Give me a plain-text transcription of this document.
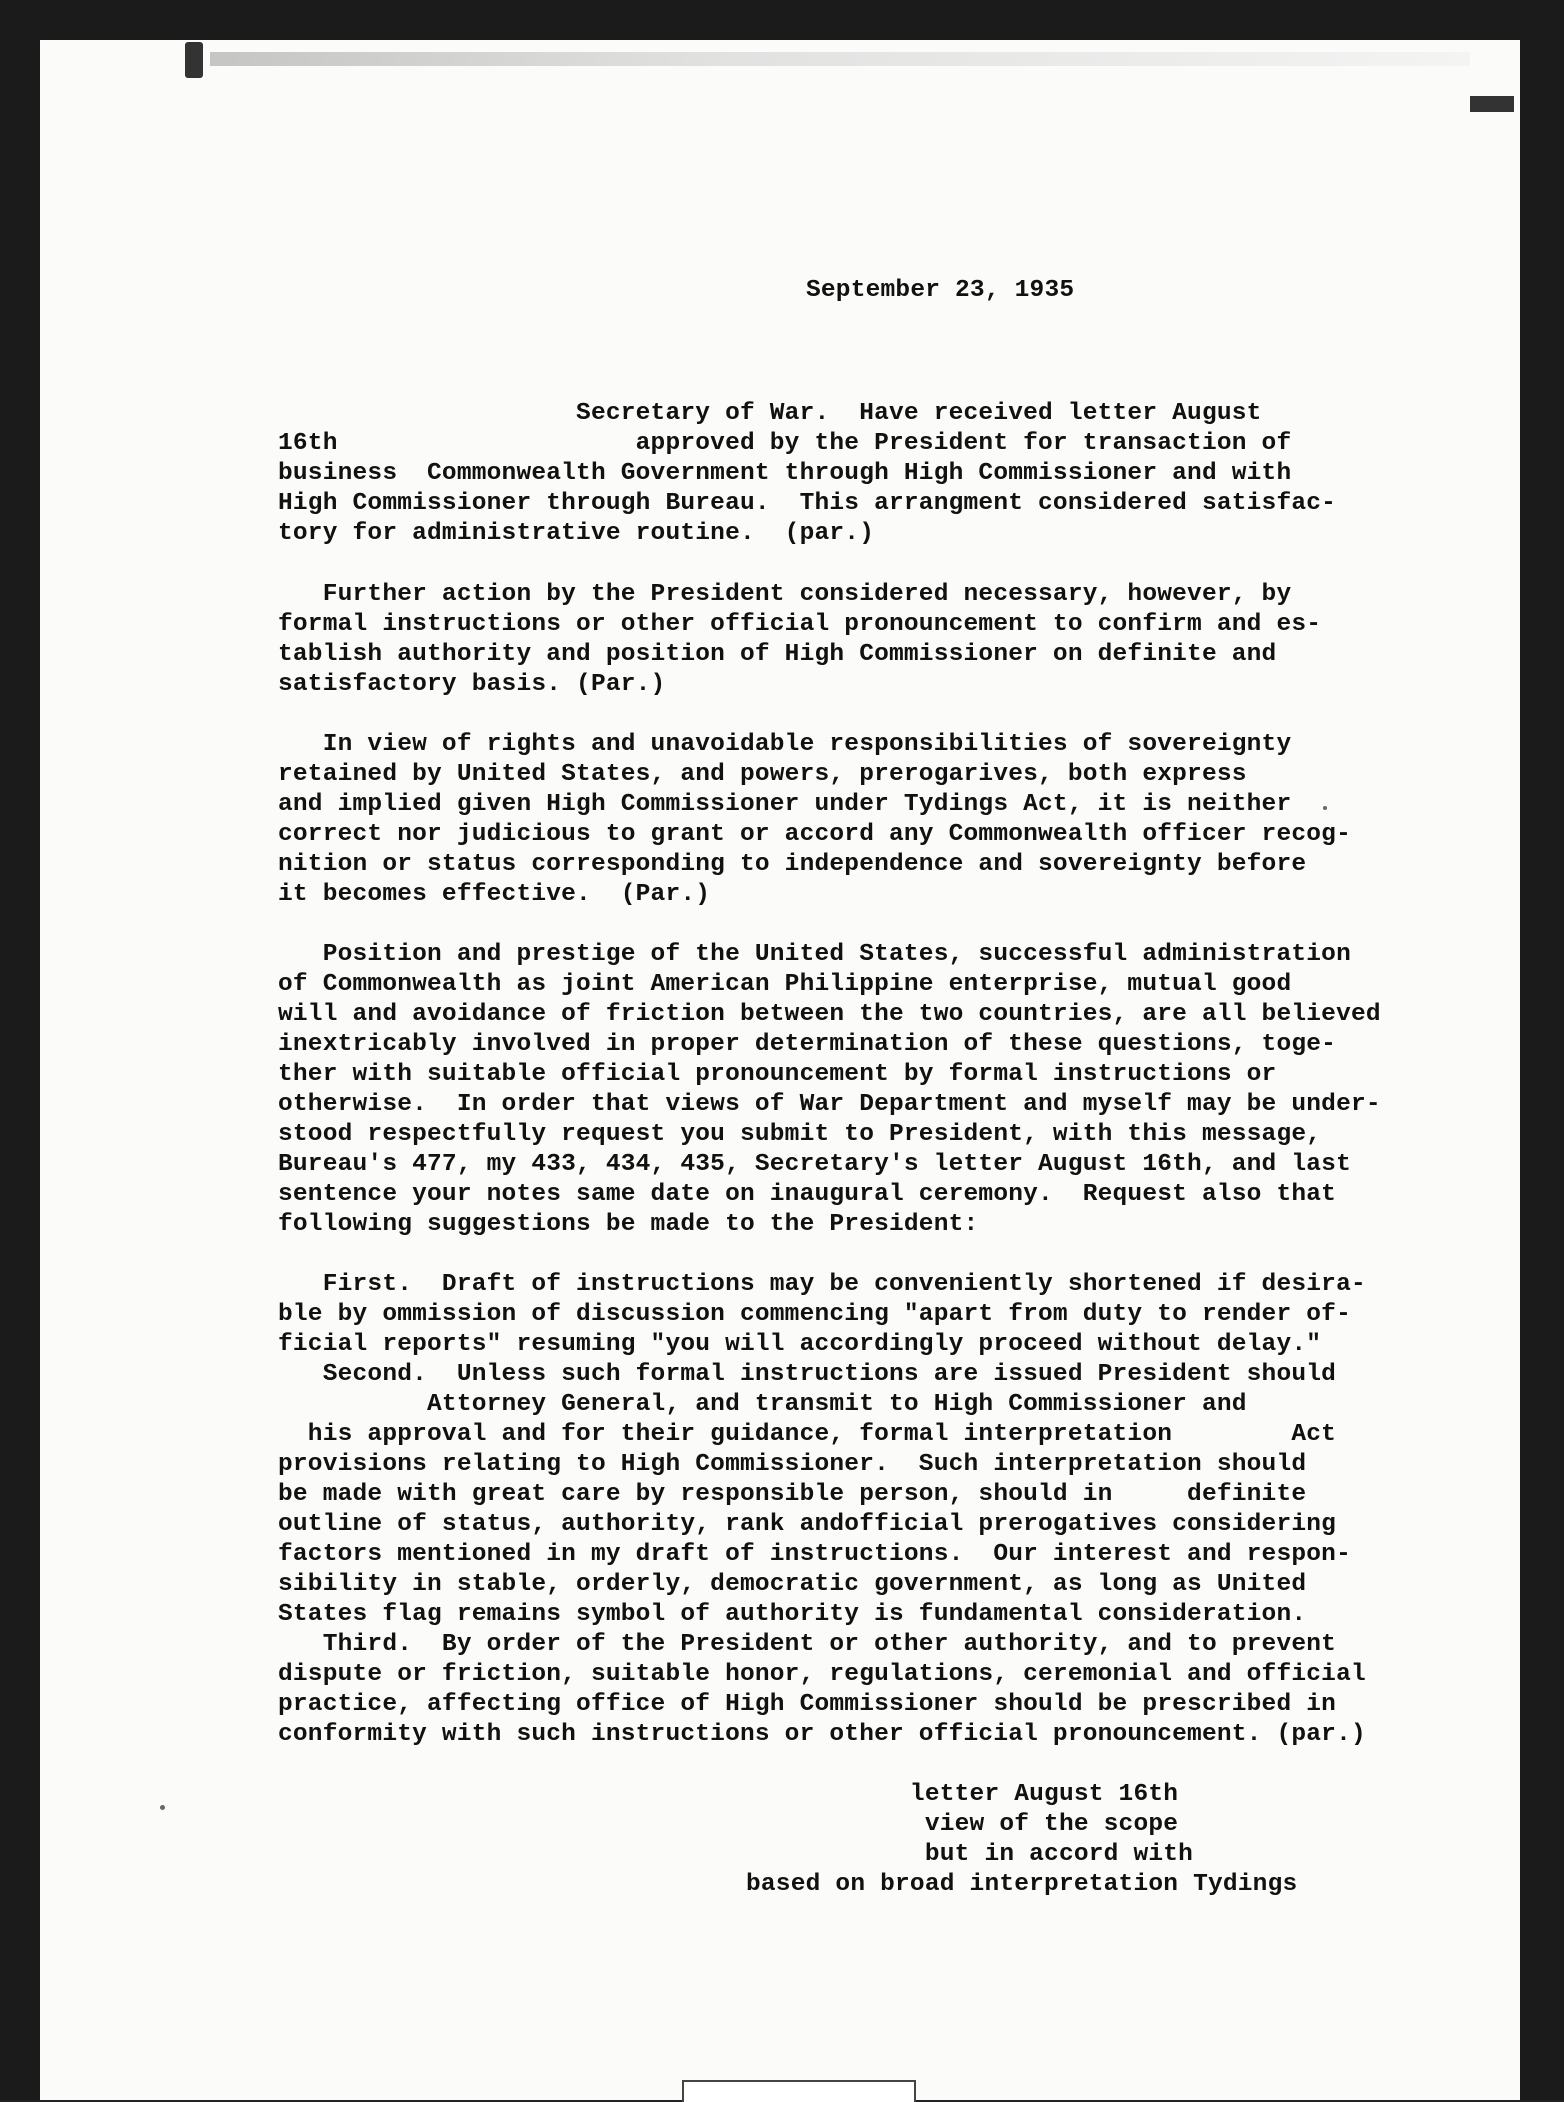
September 23, 1935
Secretary of War.  Have received letter August
16th                    approved by the President for transaction of
business  Commonwealth Government through High Commissioner and with
High Commissioner through Bureau.  This arrangment considered satisfac-
tory for administrative routine.  (par.)
Further action by the President considered necessary, however, by
formal instructions or other official pronouncement to confirm and es-
tablish authority and position of High Commissioner on definite and
satisfactory basis. (Par.)
In view of rights and unavoidable responsibilities of sovereignty
retained by United States, and powers, prerogarives, both express
and implied given High Commissioner under Tydings Act, it is neither
correct nor judicious to grant or accord any Commonwealth officer recog-
nition or status corresponding to independence and sovereignty before
it becomes effective.  (Par.)
Position and prestige of the United States, successful administration
of Commonwealth as joint American Philippine enterprise, mutual good
will and avoidance of friction between the two countries, are all believed
inextricably involved in proper determination of these questions, toge-
ther with suitable official pronouncement by formal instructions or
otherwise.  In order that views of War Department and myself may be under-
stood respectfully request you submit to President, with this message,
Bureau's 477, my 433, 434, 435, Secretary's letter August 16th, and last
sentence your notes same date on inaugural ceremony.  Request also that
following suggestions be made to the President:
First.  Draft of instructions may be conveniently shortened if desira-
ble by ommission of discussion commencing "apart from duty to render of-
ficial reports" resuming "you will accordingly proceed without delay."
Second.  Unless such formal instructions are issued President should
Attorney General, and transmit to High Commissioner and
his approval and for their guidance, formal interpretation        Act
provisions relating to High Commissioner.  Such interpretation should
be made with great care by responsible person, should in     definite
outline of status, authority, rank andofficial prerogatives considering
factors mentioned in my draft of instructions.  Our interest and respon-
sibility in stable, orderly, democratic government, as long as United
States flag remains symbol of authority is fundamental consideration.
Third.  By order of the President or other authority, and to prevent
dispute or friction, suitable honor, regulations, ceremonial and official
practice, affecting office of High Commissioner should be prescribed in
conformity with such instructions or other official pronouncement. (par.)
letter August 16th
view of the scope
but in accord with
based on broad interpretation Tydings
